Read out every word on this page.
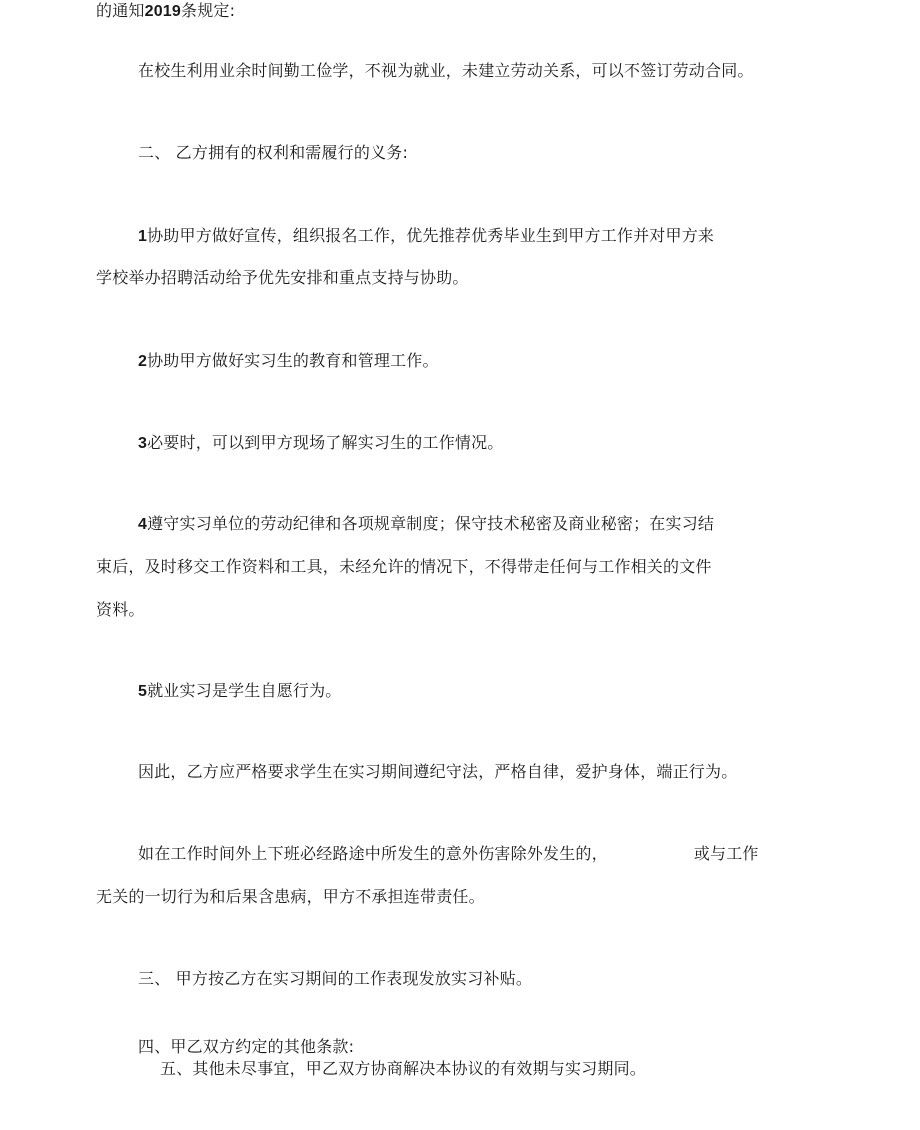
的通知2019条规定:
在校生利用业余时间勤工俭学，不视为就业，未建立劳动关系，可以不签订劳动合同。
二、 乙方拥有的权利和需履行的义务:
1协助甲方做好宣传，组织报名工作，优先推荐优秀毕业生到甲方工作并对甲方来
学校举办招聘活动给予优先安排和重点支持与协助。
2协助甲方做好实习生的教育和管理工作。
3必要时，可以到甲方现场了解实习生的工作情况。
4遵守实习单位的劳动纪律和各项规章制度；保守技术秘密及商业秘密；在实习结
束后，及时移交工作资料和工具，未经允许的情况下，不得带走任何与工作相关的文件
资料。
5就业实习是学生自愿行为。
因此，乙方应严格要求学生在实习期间遵纪守法，严格自律，爱护身体，端正行为。
如在工作时间外上下班必经路途中所发生的意外伤害除外发生的，	或与工作
无关的一切行为和后果含患病，甲方不承担连带责任。
三、 甲方按乙方在实习期间的工作表现发放实习补贴。
四、甲乙双方约定的其他条款:
五、其他未尽事宜，甲乙双方协商解决本协议的有效期与实习期同。
